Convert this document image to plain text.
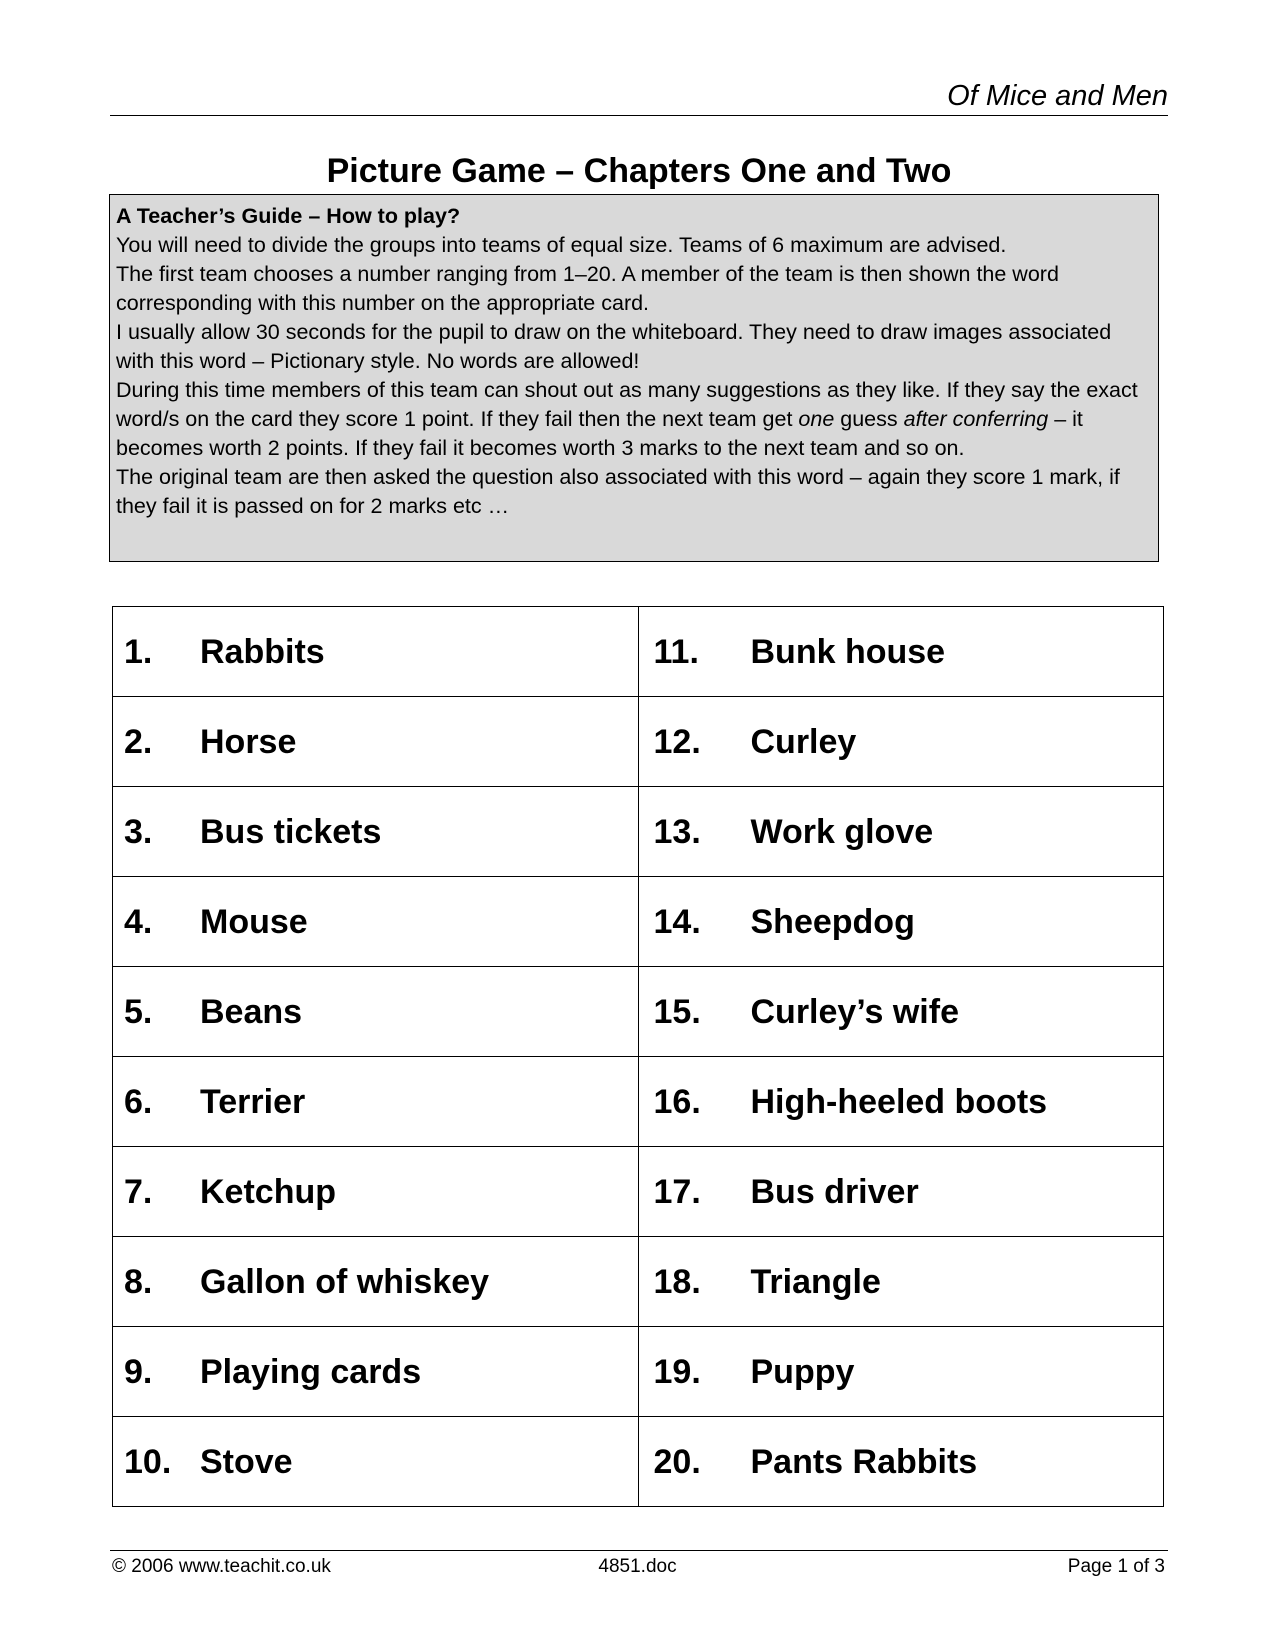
Of Mice and Men
Picture Game – Chapters One and Two
A Teacher’s Guide – How to play?
You will need to divide the groups into teams of equal size. Teams of 6 maximum are advised.
The first team chooses a number ranging from 1–20. A member of the team is then shown the word corresponding with this number on the appropriate card.
I usually allow 30 seconds for the pupil to draw on the whiteboard. They need to draw images associated with this word – Pictionary style. No words are allowed!
During this time members of this team can shout out as many suggestions as they like. If they say the exact word/s on the card they score 1 point. If they fail then the next team get one guess after conferring – it becomes worth 2 points. If they fail it becomes worth 3 marks to the next team and so on.
The original team are then asked the question also associated with this word – again they score 1 mark, if they fail it is passed on for 2 marks etc …
1. Rabbits	11. Bunk house

2. Horse	12. Curley

3. Bus tickets	13. Work glove

4. Mouse	14. Sheepdog

5. Beans	15. Curley’s wife

6. Terrier	16. High-heeled boots

7. Ketchup	17. Bus driver

8. Gallon of whiskey	18. Triangle

9. Playing cards	19. Puppy

10. Stove	20. Pants Rabbits
© 2006 www.teachit.co.uk	4851.doc	Page 1 of 3
